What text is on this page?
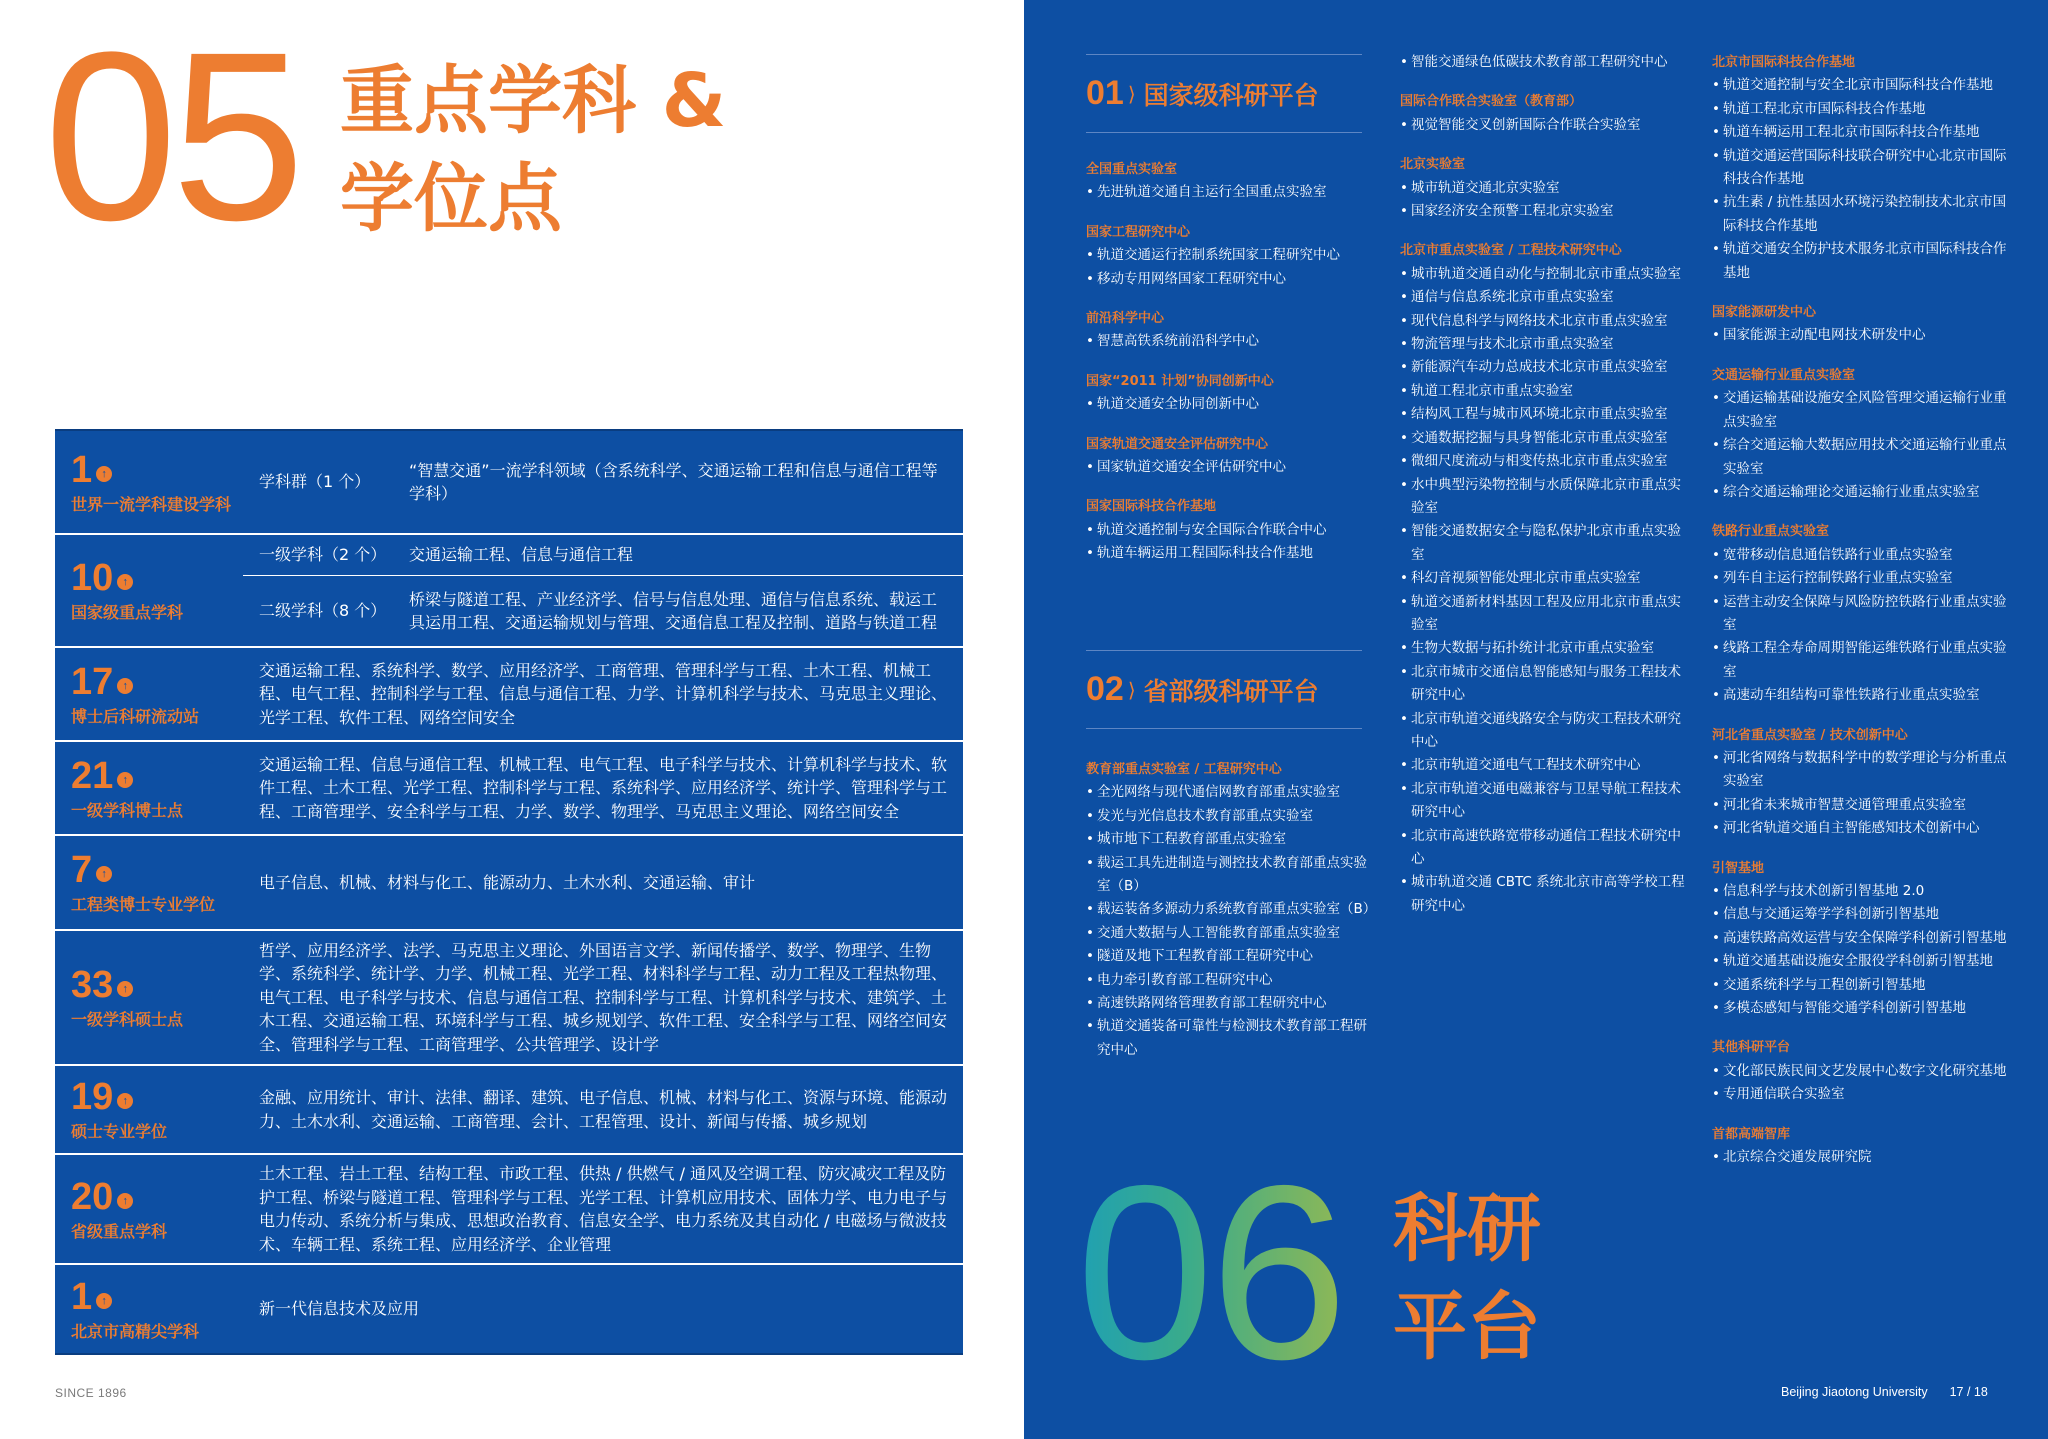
05 重点学科 &
学位点
1 ↑
世界一流学科建设学科
学科群（1 个）
“智慧交通”一流学科领域（含系统科学、交通运输工程和信息与通信工程等学科）
10 ↑
国家级重点学科
一级学科（2 个）	交通运输工程、信息与通信工程
二级学科（8 个）
桥梁与隧道工程、产业经济学、信号与信息处理、通信与信息系统、载运工具运用工程、交通运输规划与管理、交通信息工程及控制、道路与铁道工程
17 ↑
博士后科研流动站
交通运输工程、系统科学、数学、应用经济学、工商管理、管理科学与工程、土木工程、机械工程、电气工程、控制科学与工程、信息与通信工程、力学、计算机科学与技术、马克思主义理论、光学工程、软件工程、网络空间安全
21 ↑
一级学科博士点
交通运输工程、信息与通信工程、机械工程、电气工程、电子科学与技术、计算机科学与技术、软件工程、土木工程、光学工程、控制科学与工程、系统科学、应用经济学、统计学、管理科学与工程、工商管理学、安全科学与工程、力学、数学、物理学、马克思主义理论、网络空间安全
7 ↑
工程类博士专业学位
电子信息、机械、材料与化工、能源动力、土木水利、交通运输、审计
33 ↑
一级学科硕士点
哲学、应用经济学、法学、马克思主义理论、外国语言文学、新闻传播学、数学、物理学、生物学、系统科学、统计学、力学、机械工程、光学工程、材料科学与工程、动力工程及工程热物理、电气工程、电子科学与技术、信息与通信工程、控制科学与工程、计算机科学与技术、建筑学、土木工程、交通运输工程、环境科学与工程、城乡规划学、软件工程、安全科学与工程、网络空间安全、管理科学与工程、工商管理学、公共管理学、设计学
19 ↑
硕士专业学位
金融、应用统计、审计、法律、翻译、建筑、电子信息、机械、材料与化工、资源与环境、能源动力、土木水利、交通运输、工商管理、会计、工程管理、设计、新闻与传播、城乡规划
20 ↑
省级重点学科
土木工程、岩土工程、结构工程、市政工程、供热 / 供燃气 / 通风及空调工程、防灾减灾工程及防护工程、桥梁与隧道工程、管理科学与工程、光学工程、计算机应用技术、固体力学、电力电子与电力传动、系统分析与集成、思想政治教育、信息安全学、电力系统及其自动化 / 电磁场与微波技术、车辆工程、系统工程、应用经济学、企业管理
1 ↑
北京市高精尖学科
新一代信息技术及应用
SINCE 1896
01 ⟩ 国家级科研平台
全国重点实验室
• 先进轨道交通自主运行全国重点实验室
国家工程研究中心
• 轨道交通运行控制系统国家工程研究中心
• 移动专用网络国家工程研究中心
前沿科学中心
• 智慧高铁系统前沿科学中心
国家“2011 计划”协同创新中心
• 轨道交通安全协同创新中心
国家轨道交通安全评估研究中心
• 国家轨道交通安全评估研究中心
国家国际科技合作基地
• 轨道交通控制与安全国际合作联合中心
• 轨道车辆运用工程国际科技合作基地
02 ⟩ 省部级科研平台
教育部重点实验室 / 工程研究中心
• 全光网络与现代通信网教育部重点实验室
• 发光与光信息技术教育部重点实验室
• 城市地下工程教育部重点实验室
• 载运工具先进制造与测控技术教育部重点实验室（B）
• 载运装备多源动力系统教育部重点实验室（B）
• 交通大数据与人工智能教育部重点实验室
• 隧道及地下工程教育部工程研究中心
• 电力牵引教育部工程研究中心
• 高速铁路网络管理教育部工程研究中心
• 轨道交通装备可靠性与检测技术教育部工程研究中心
• 智能交通绿色低碳技术教育部工程研究中心
国际合作联合实验室（教育部）
• 视觉智能交叉创新国际合作联合实验室
北京实验室
• 城市轨道交通北京实验室
• 国家经济安全预警工程北京实验室
北京市重点实验室 / 工程技术研究中心
• 城市轨道交通自动化与控制北京市重点实验室
• 通信与信息系统北京市重点实验室
• 现代信息科学与网络技术北京市重点实验室
• 物流管理与技术北京市重点实验室
• 新能源汽车动力总成技术北京市重点实验室
• 轨道工程北京市重点实验室
• 结构风工程与城市风环境北京市重点实验室
• 交通数据挖掘与具身智能北京市重点实验室
• 微细尺度流动与相变传热北京市重点实验室
• 水中典型污染物控制与水质保障北京市重点实验室
• 智能交通数据安全与隐私保护北京市重点实验室
• 科幻音视频智能处理北京市重点实验室
• 轨道交通新材料基因工程及应用北京市重点实验室
• 生物大数据与拓扑统计北京市重点实验室
• 北京市城市交通信息智能感知与服务工程技术研究中心
• 北京市轨道交通线路安全与防灾工程技术研究中心
• 北京市轨道交通电气工程技术研究中心
• 北京市轨道交通电磁兼容与卫星导航工程技术研究中心
• 北京市高速铁路宽带移动通信工程技术研究中心
• 城市轨道交通 CBTC 系统北京市高等学校工程研究中心
北京市国际科技合作基地
• 轨道交通控制与安全北京市国际科技合作基地
• 轨道工程北京市国际科技合作基地
• 轨道车辆运用工程北京市国际科技合作基地
• 轨道交通运营国际科技联合研究中心北京市国际科技合作基地
• 抗生素 / 抗性基因水环境污染控制技术北京市国际科技合作基地
• 轨道交通安全防护技术服务北京市国际科技合作基地
国家能源研发中心
• 国家能源主动配电网技术研发中心
交通运输行业重点实验室
• 交通运输基础设施安全风险管理交通运输行业重点实验室
• 综合交通运输大数据应用技术交通运输行业重点实验室
• 综合交通运输理论交通运输行业重点实验室
铁路行业重点实验室
• 宽带移动信息通信铁路行业重点实验室
• 列车自主运行控制铁路行业重点实验室
• 运营主动安全保障与风险防控铁路行业重点实验室
• 线路工程全寿命周期智能运维铁路行业重点实验室
• 高速动车组结构可靠性铁路行业重点实验室
河北省重点实验室 / 技术创新中心
• 河北省网络与数据科学中的数学理论与分析重点实验室
• 河北省未来城市智慧交通管理重点实验室
• 河北省轨道交通自主智能感知技术创新中心
引智基地
• 信息科学与技术创新引智基地 2.0
• 信息与交通运筹学学科创新引智基地
• 高速铁路高效运营与安全保障学科创新引智基地
• 轨道交通基础设施安全服役学科创新引智基地
• 交通系统科学与工程创新引智基地
• 多模态感知与智能交通学科创新引智基地
其他科研平台
• 文化部民族民间文艺发展中心数字文化研究基地
• 专用通信联合实验室
首都高端智库
• 北京综合交通发展研究院
Beijing Jiaotong University 17 / 18
06 科研
平台
